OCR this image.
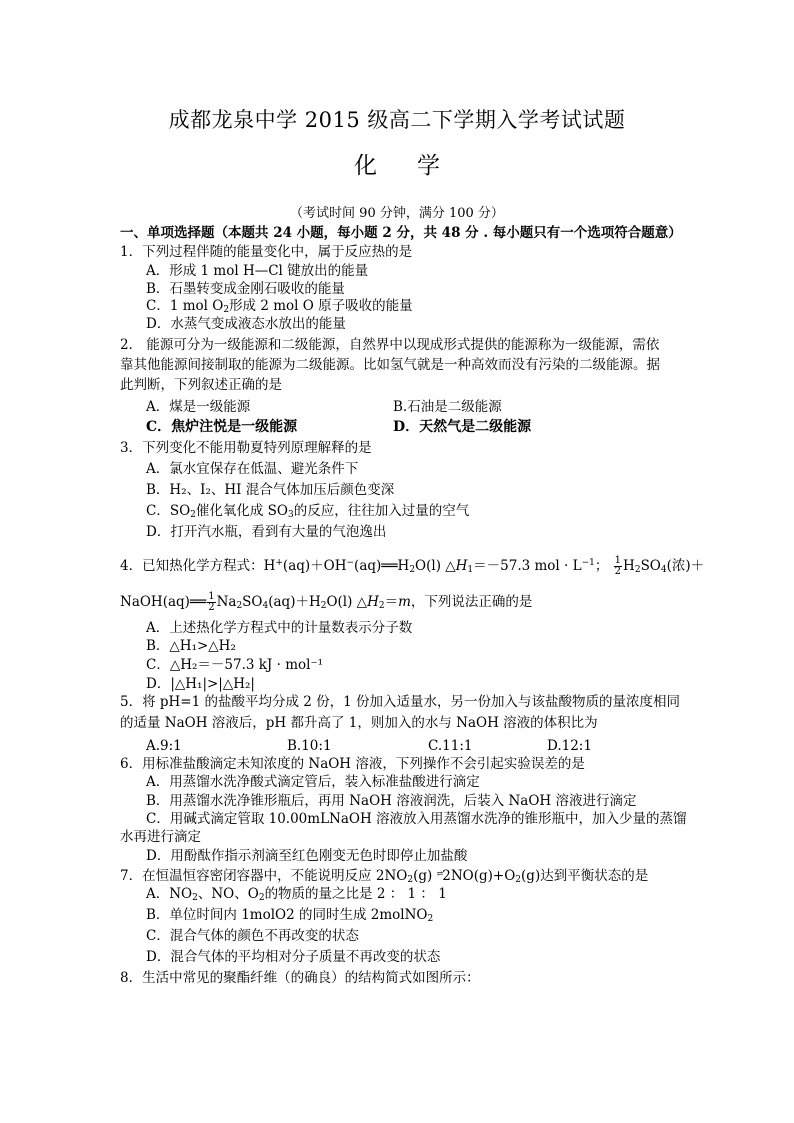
成都龙泉中学 2015 级高二下学期入学考试试题
化学
（考试时间 90 分钟，满分 100 分）
一、单项选择题（本题共 24 小题，每小题 2 分，共 48 分 . 每小题只有一个选项符合题意）
1．下列过程伴随的能量变化中，属于反应热的是
A．形成 1 mol H—Cl 键放出的能量
B．石墨转变成金刚石吸收的能量
C．1 mol O2形成 2 mol O 原子吸收的能量
D．水蒸气变成液态水放出的能量
2． 能源可分为一级能源和二级能源，自然界中以现成形式提供的能源称为一级能源，需依
靠其他能源间接制取的能源为二级能源。比如氢气就是一种高效而没有污染的二级能源。据
此判断，下列叙述正确的是
A．煤是一级能源	B.石油是二级能源
C．焦炉注悦是一级能源	D．天然气是二级能源
3．下列变化不能用勒夏特列原理解释的是
A．氯水宜保存在低温、避光条件下
B．H₂、I₂、HI 混合气体加压后颜色变深
C．SO2催化氧化成 SO3的反应，往往加入过量的空气
D．打开汽水瓶，看到有大量的气泡逸出
4．已知热化学方程式：H+(aq)＋OH−(aq)══H2O(l) △H1＝－57.3 mol · $L^{-1}$； $\frac{1}{2} H2SO4$(浓)＋
NaOH(aq)══ $\frac{1}{2} Na2SO4(aq)+H2O(l)$ △H2＝m，下列说法正确的是
A．上述热化学方程式中的计量数表示分子数
B．△H₁>△H₂
C．△H₂＝－57.3 kJ · mol⁻¹
D．|△H₁|>|△H₂|
5．将 pH=1 的盐酸平均分成 2 份，1 份加入适量水，另一份加入与该盐酸物质的量浓度相同
的适量 NaOH 溶液后，pH 都升高了 1，则加入的水与 NaOH 溶液的体积比为
A.9:1	B.10:1	C.11:1	D.12:1
6．用标准盐酸滴定未知浓度的 NaOH 溶液，下列操作不会引起实验误差的是
A．用蒸馏水洗净酸式滴定管后，装入标准盐酸进行滴定
B．用蒸馏水洗净锥形瓶后，再用 NaOH 溶液润洗，后装入 NaOH 溶液进行滴定
C．用碱式滴定管取 10.00mLNaOH 溶液放入用蒸馏水洗净的锥形瓶中，加入少量的蒸馏
水再进行滴定
D．用酚酞作指示剂滴至红色刚变无色时即停止加盐酸
7．在恒温恒容密闭容器中，不能说明反应 2NO2(g) ⇌2NO(g)+O2(g)达到平衡状态的是
A．NO2、NO、O2的物质的量之比是 2 ： 1 ： 1
B．单位时间内 1molO2 的同时生成 2molNO2
C．混合气体的颜色不再改变的状态
D．混合气体的平均相对分子质量不再改变的状态
8．生活中常见的聚酯纤维（的确良）的结构简式如图所示：
